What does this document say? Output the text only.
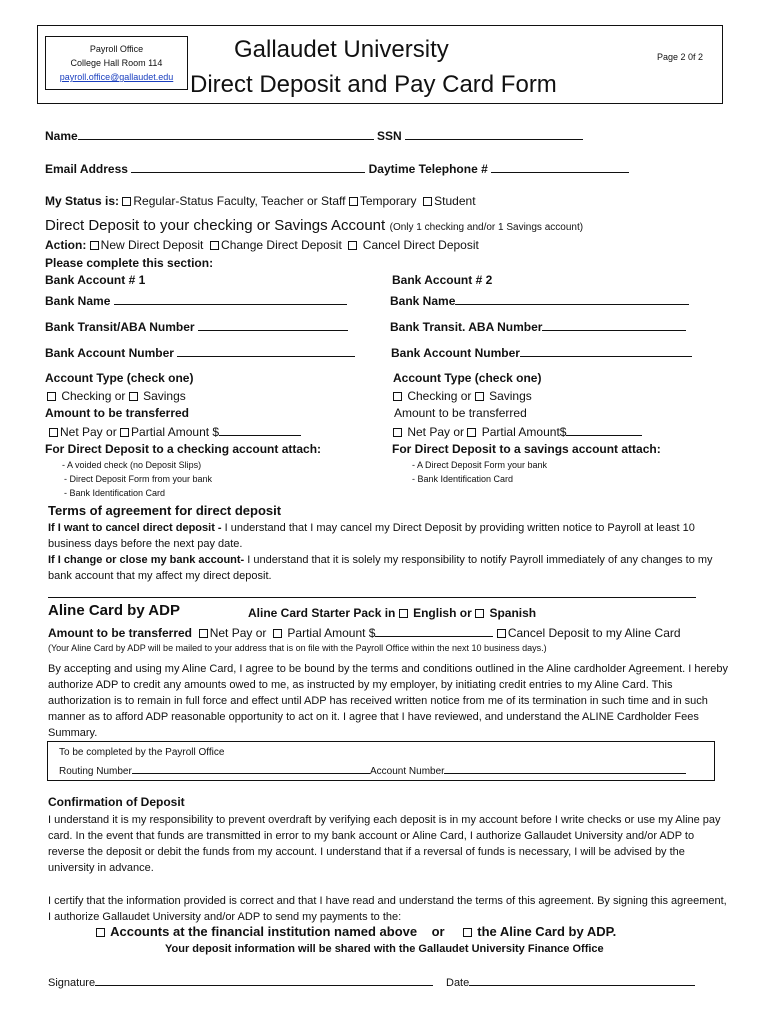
Payroll Office
College Hall Room 114
payroll.office@gallaudet.edu
Gallaudet University
Direct Deposit and Pay Card Form
Page 2 0f 2
Name	SSN
Email Address	Daytime Telephone #
My Status is: Regular-Status Faculty, Teacher or Staff Temporary Student
Direct Deposit to your checking or Savings Account (Only 1 checking and/or 1 Savings account)
Action: New Direct Deposit Change Direct Deposit Cancel Direct Deposit
Please complete this section:
Bank Account # 1
Bank Name
Bank Transit/ABA Number
Bank Account Number
Account Type (check one)
Checking or Savings
Amount to be transferred
Net Pay or Partial Amount $
For Direct Deposit to a checking account attach:
- A voided check (no Deposit Slips)
- Direct Deposit Form from your bank
- Bank Identification Card
Bank Account # 2
Bank Name
Bank Transit. ABA Number
Bank Account Number
Account Type (check one)
Checking or Savings
Amount to be transferred
Net Pay or Partial Amount$
For Direct Deposit to a savings account attach:
- A Direct Deposit Form your bank
- Bank Identification Card
Terms of agreement for direct deposit
If I want to cancel direct deposit - I understand that I may cancel my Direct Deposit by providing written notice to Payroll at least 10 business days before the next pay date.
If I change or close my bank account- I understand that it is solely my responsibility to notify Payroll immediately of any changes to my bank account that my affect my direct deposit.
Aline Card by ADP	Aline Card Starter Pack in English or Spanish
Amount to be transferred Net Pay or Partial Amount $	Cancel Deposit to my Aline Card
(Your Aline Card by ADP will be mailed to your address that is on file with the Payroll Office within the next 10 business days.)
By accepting and using my Aline Card, I agree to be bound by the terms and conditions outlined in the Aline cardholder Agreement. I hereby authorize ADP to credit any amounts owed to me, as instructed by my employer, by initiating credit entries to my Aline Card. This authorization is to remain in full force and effect until ADP has received written notice from me of its termination in such time and in such manner as to afford ADP reasonable opportunity to act on it. I agree that I have reviewed, and understand the ALINE Cardholder Fees Summary.
To be completed by the Payroll Office
Routing Number	Account Number
Confirmation of Deposit
I understand it is my responsibility to prevent overdraft by verifying each deposit is in my account before I write checks or use my Aline pay card. In the event that funds are transmitted in error to my bank account or Aline Card, I authorize Gallaudet University and/or ADP to reverse the deposit or debit the funds from my account. I understand that if a reversal of funds is necessary, I will be advised by the university in advance.
I certify that the information provided is correct and that I have read and understand the terms of this agreement. By signing this agreement, I authorize Gallaudet University and/or ADP to send my payments to the:
Accounts at the financial institution named above or	the Aline Card by ADP.
Your deposit information will be shared with the Gallaudet University Finance Office
Signature	Date
